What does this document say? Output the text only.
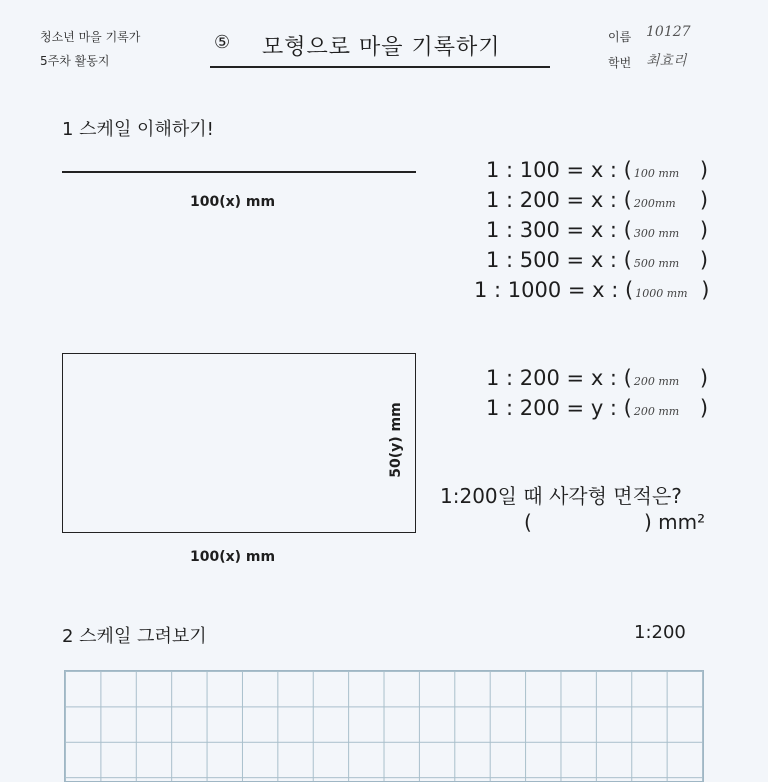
청소년 마을 기록가
5주차 활동지
⑤ 모형으로 마을 기록하기	이름 10127
학번 최효리
1 스케일 이해하기!
100(x) mm
1 : 100 = x : ( 100 mm )
1 : 200 = x : ( 200mm )
1 : 300 = x : ( 300 mm )
1 : 500 = x : ( 500 mm )
1 : 1000 = x : ( 1000 mm )
50(y) mm
100(x) mm
1 : 200 = x : ( 200 mm )
1 : 200 = y : ( 200 mm )
1:200일 때 사각형 면적은?
(	) mm²
2 스케일 그려보기	1:200
